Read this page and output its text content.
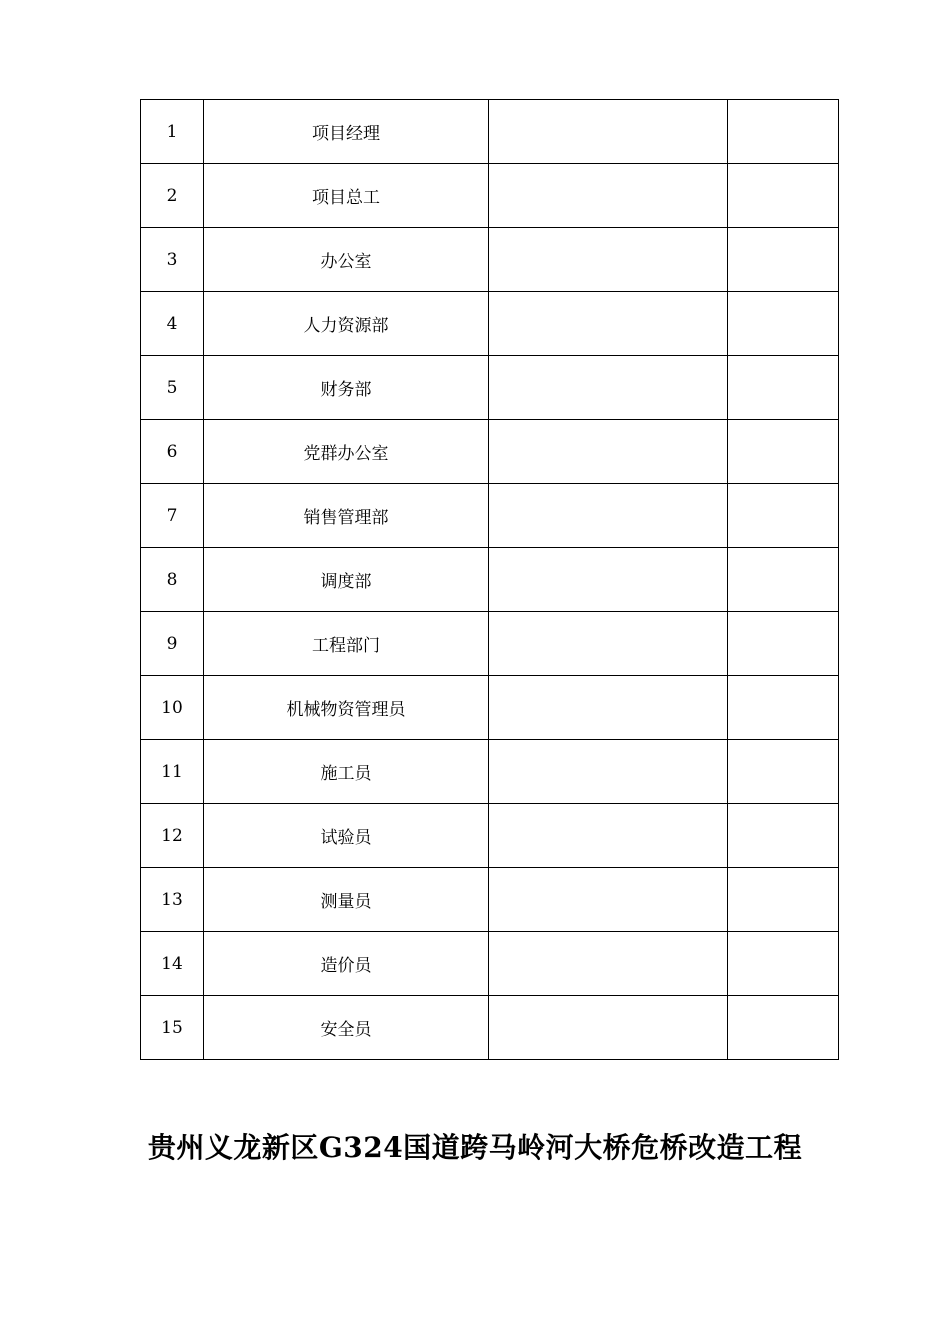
1	项目经理		
2	项目总工		
3	办公室		
4	人力资源部		
5	财务部		
6	党群办公室		
7	销售管理部		
8	调度部		
9	工程部门		
10	机械物资管理员		
11	施工员		
12	试验员		
13	测量员		
14	造价员		
15	安全员		
贵州义龙新区G324国道跨马岭河大桥危桥改造工程
